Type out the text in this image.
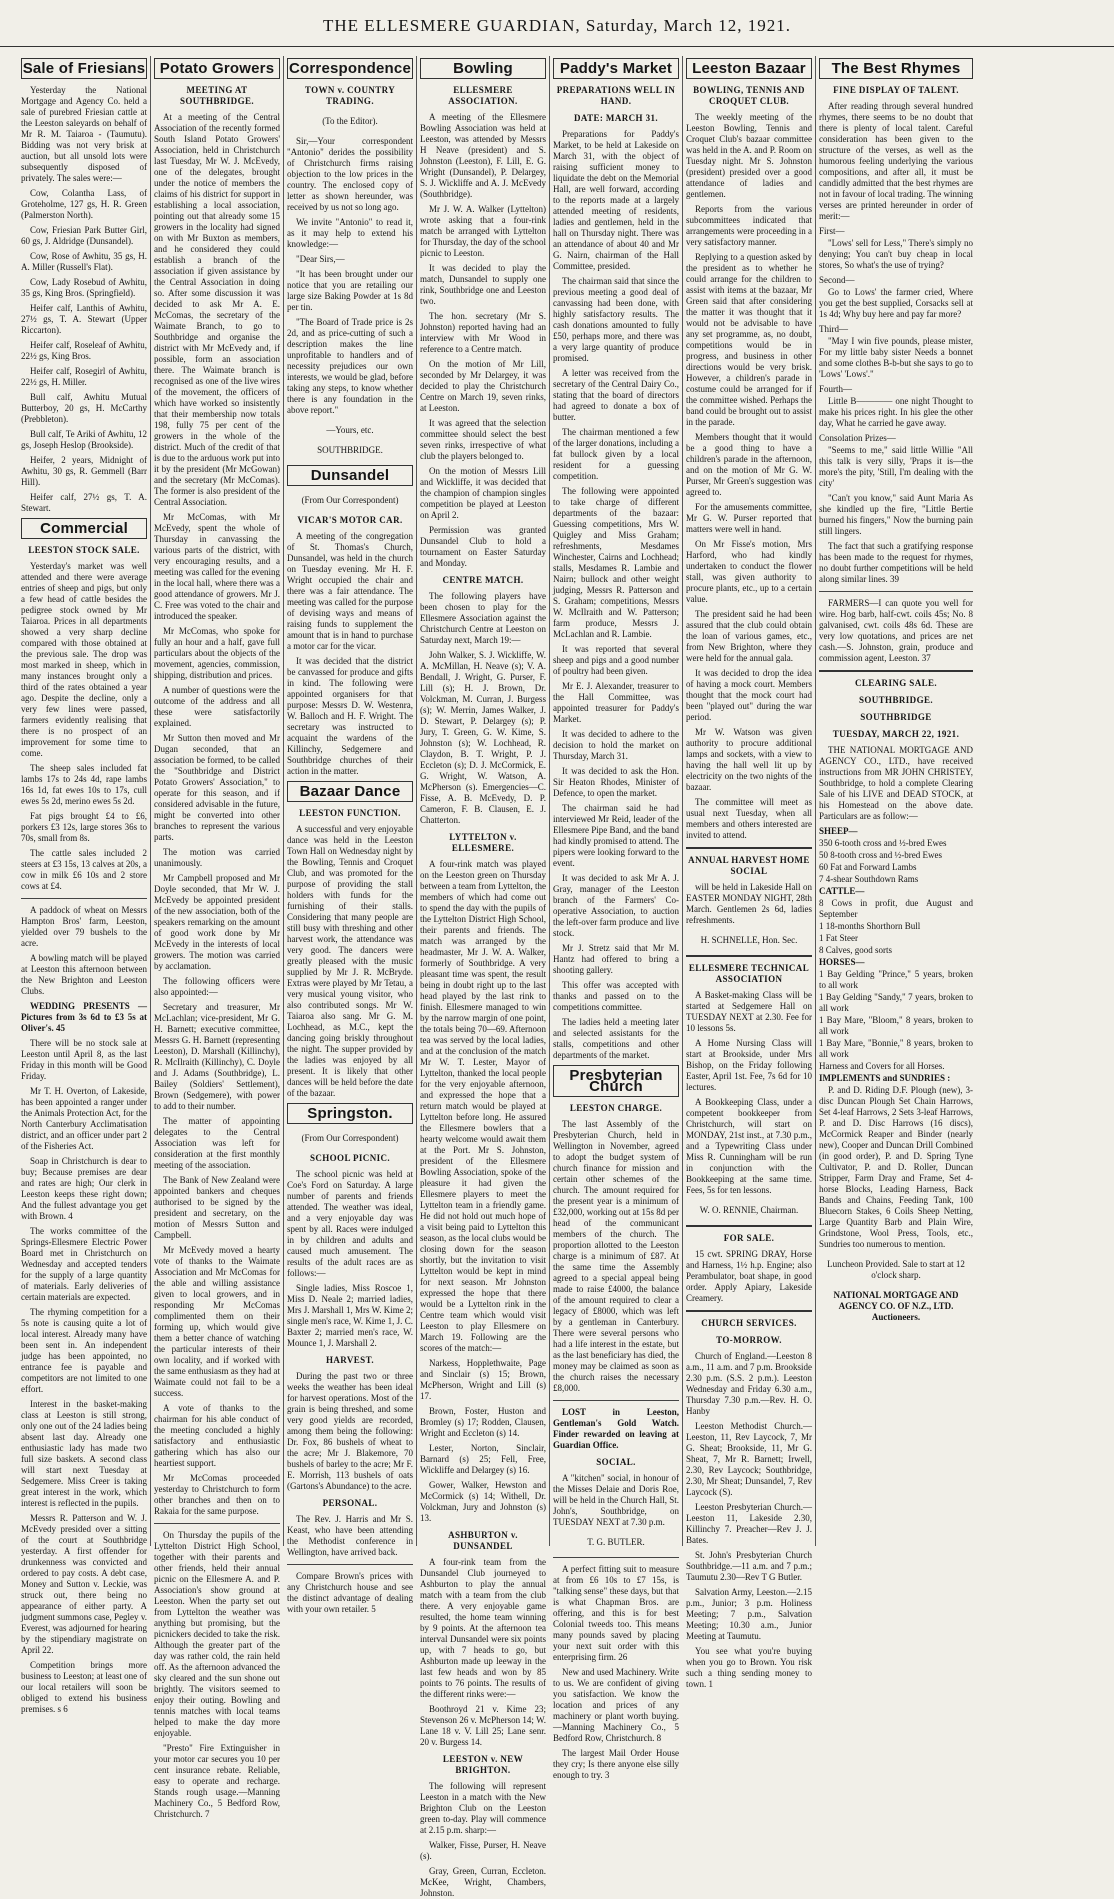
THE ELLESMERE GUARDIAN, Saturday, March 12, 1921.
Sale of Friesians

Yesterday the National Mortgage and Agency Co. held a sale of purebred Friesian cattle at the Leeston saleyards on behalf of Mr R. M. Taiaroa - (Taumutu). Bidding was not very brisk at auction, but all unsold lots were subsequently disposed of privately. The sales were:—

Cow, Colantha Lass, of Groteholme, 127 gs, H. R. Green (Palmerston North).

Cow, Friesian Park Butter Girl, 60 gs, J. Aldridge (Dunsandel).

Cow, Rose of Awhitu, 35 gs, H. A. Miller (Russell's Flat).

Cow, Lady Rosebud of Awhitu, 35 gs, King Bros. (Springfield).

Heifer calf, Lanthis of Awhitu, 27½ gs, T. A. Stewart (Upper Riccarton).

Heifer calf, Roseleaf of Awhitu, 22½ gs, King Bros.

Heifer calf, Rosegirl of Awhitu, 22½ gs, H. Miller.

Bull calf, Awhitu Mutual Butterboy, 20 gs, H. McCarthy (Prebbleton).

Bull calf, Te Ariki of Awhitu, 12 gs, Joseph Heslop (Brookside).

Heifer, 2 years, Midnight of Awhitu, 30 gs, R. Gemmell (Barr Hill).

Heifer calf, 27½ gs, T. A. Stewart.

Commercial
LEESTON STOCK SALE.

Yesterday's market was well attended and there were average entries of sheep and pigs, but only a few head of cattle besides the pedigree stock owned by Mr Taiaroa. Prices in all departments showed a very sharp decline compared with those obtained at the previous sale. The drop was most marked in sheep, which in many instances brought only a third of the rates obtained a year ago. Despite the decline, only a very few lines were passed, farmers evidently realising that there is no prospect of an improvement for some time to come.

The sheep sales included fat lambs 17s to 24s 4d, rape lambs 16s 1d, fat ewes 10s to 17s, cull ewes 5s 2d, merino ewes 5s 2d.

Fat pigs brought £4 to £6, porkers £3 12s, large stores 36s to 70s, small from 8s.

The cattle sales included 2 steers at £3 15s, 13 calves at 20s, a cow in milk £6 10s and 2 store cows at £4.

A paddock of wheat on Messrs Hampton Bros' farm, Leeston, yielded over 79 bushels to the acre.

A bowling match will be played at Leeston this afternoon between the New Brighton and Leeston Clubs.

WEDDING PRESENTS —Pictures from 3s 6d to £3 5s at Oliver's. 45

There will be no stock sale at Leeston until April 8, as the last Friday in this month will be Good Friday.

Mr T. H. Overton, of Lakeside, has been appointed a ranger under the Animals Protection Act, for the North Canterbury Acclimatisation district, and an officer under part 2 of the Fisheries Act.

Soap in Christchurch is dear to buy; Because premises are dear and rates are high; Our clerk in Leeston keeps these right down; And the fullest advantage you get with Brown. 4

The works committee of the Springs-Ellesmere Electric Power Board met in Christchurch on Wednesday and accepted tenders for the supply of a large quantity of materials. Early deliveries of certain materials are expected.

The rhyming competition for a 5s note is causing quite a lot of local interest. Already many have been sent in. An independent judge has been appointed, no entrance fee is payable and competitors are not limited to one effort.

Interest in the basket-making class at Leeston is still strong, only one out of the 24 ladies being absent last day. Already one enthusiastic lady has made two full size baskets. A second class will start next Tuesday at Sedgemere. Miss Creer is taking great interest in the work, which interest is reflected in the pupils.

Messrs R. Patterson and W. J. McEvedy presided over a sitting of the court at Southbridge yesterday. A first offender for drunkenness was convicted and ordered to pay costs. A debt case, Money and Sutton v. Leckie, was struck out, there being no appearance of either party. A judgment summons case, Pegley v. Everest, was adjourned for hearing by the stipendiary magistrate on April 22.

Competition brings more business to Leeston; at least one of our local retailers will soon be obliged to extend his business premises. s 6

Potato Growers
MEETING AT SOUTHBRIDGE.

At a meeting of the Central Association of the recently formed South Island Potato Growers' Association, held in Christchurch last Tuesday, Mr W. J. McEvedy, one of the delegates, brought under the notice of members the claims of his district for support in establishing a local association, pointing out that already some 15 growers in the locality had signed on with Mr Buxton as members, and he considered they could establish a branch of the association if given assistance by the Central Association in doing so. After some discussion it was decided to ask Mr A. E. McComas, the secretary of the Waimate Branch, to go to Southbridge and organise the district with Mr McEvedy and, if possible, form an association there. The Waimate branch is recognised as one of the live wires of the movement, the officers of which have worked so insistently that their membership now totals 198, fully 75 per cent of the growers in the whole of the district. Much of the credit of that is due to the arduous work put into it by the president (Mr McGowan) and the secretary (Mr McComas). The former is also president of the Central Association.

Mr McComas, with Mr McEvedy, spent the whole of Thursday in canvassing the various parts of the district, with very encouraging results, and a meeting was called for the evening in the local hall, where there was a good attendance of growers. Mr J. C. Free was voted to the chair and introduced the speaker.

Mr McComas, who spoke for fully an hour and a half, gave full particulars about the objects of the movement, agencies, commission, shipping, distribution and prices.

A number of questions were the outcome of the address and all these were satisfactorily explained.

Mr Sutton then moved and Mr Dugan seconded, that an association be formed, to be called the "Southbridge and District Potato Growers' Association," to operate for this season, and if considered advisable in the future, might be converted into other branches to represent the various parts.

The motion was carried unanimously.

Mr Campbell proposed and Mr Doyle seconded, that Mr W. J. McEvedy be appointed president of the new association, both of the speakers remarking on the amount of good work done by Mr McEvedy in the interests of local growers. The motion was carried by acclamation.

The following officers were also appointed:—

Secretary and treasurer, Mr McLachlan; vice-president, Mr G. H. Barnett; executive committee, Messrs G. H. Barnett (representing Leeston), D. Marshall (Killinchy), R. McIlraith (Killinchy), C. Doyle and J. Adams (Southbridge), L. Bailey (Soldiers' Settlement), Brown (Sedgemere), with power to add to their number.

The matter of appointing delegates to the Central Association was left for consideration at the first monthly meeting of the association.

The Bank of New Zealand were appointed bankers and cheques authorised to be signed by the president and secretary, on the motion of Messrs Sutton and Campbell.

Mr McEvedy moved a hearty vote of thanks to the Waimate Association and Mr McComas for the able and willing assistance given to local growers, and in responding Mr McComas complimented them on their forming up, which would give them a better chance of watching the particular interests of their own locality, and if worked with the same enthusiasm as they had at Waimate could not fail to be a success.

A vote of thanks to the chairman for his able conduct of the meeting concluded a highly satisfactory and enthusiastic gathering which has also our heartiest support.

Mr McComas proceeded yesterday to Christchurch to form other branches and then on to Rakaia for the same purpose.

On Thursday the pupils of the Lyttelton District High School, together with their parents and other friends, held their annual picnic on the Ellesmere A. and P. Association's show ground at Leeston. When the party set out from Lyttelton the weather was anything but promising, but the picnickers decided to take the risk. Although the greater part of the day was rather cold, the rain held off. As the afternoon advanced the sky cleared and the sun shone out brightly. The visitors seemed to enjoy their outing. Bowling and tennis matches with local teams helped to make the day more enjoyable.

"Presto" Fire Extinguisher in your motor car secures you 10 per cent insurance rebate. Reliable, easy to operate and recharge. Stands rough usage.—Manning Machinery Co., 5 Bedford Row, Christchurch. 7

Correspondence
TOWN v. COUNTRY TRADING.

(To the Editor).

Sir,—Your correspondent "Antonio" derides the possibility of Christchurch firms raising objection to the low prices in the country. The enclosed copy of letter as shown hereunder, was received by us not so long ago.

We invite "Antonio" to read it, as it may help to extend his knowledge:—

"Dear Sirs,—

"It has been brought under our notice that you are retailing our large size Baking Powder at 1s 8d per tin.

"The Board of Trade price is 2s 2d, and as price-cutting of such a description makes the line unprofitable to handlers and of necessity prejudices our own interests, we would be glad, before taking any steps, to know whether there is any foundation in the above report."

—Yours, etc.

SOUTHBRIDGE.

Dunsandel

(From Our Correspondent)

VICAR'S MOTOR CAR.

A meeting of the congregation of St. Thomas's Church, Dunsandel, was held in the church on Tuesday evening. Mr H. F. Wright occupied the chair and there was a fair attendance. The meeting was called for the purpose of devising ways and means of raising funds to supplement the amount that is in hand to purchase a motor car for the vicar.

It was decided that the district be canvassed for produce and gifts in kind. The following were appointed organisers for that purpose: Messrs D. W. Westenra, W. Balloch and H. F. Wright. The secretary was instructed to acquaint the wardens of the Killinchy, Sedgemere and Southbridge churches of their action in the matter.

Bazaar Dance
LEESTON FUNCTION.

A successful and very enjoyable dance was held in the Leeston Town Hall on Wednesday night by the Bowling, Tennis and Croquet Club, and was promoted for the purpose of providing the stall holders with funds for the furnishing of their stalls. Considering that many people are still busy with threshing and other harvest work, the attendance was very good. The dancers were greatly pleased with the music supplied by Mr J. R. McBryde. Extras were played by Mr Tetau, a very musical young visitor, who also contributed songs. Mr W. Taiaroa also sang. Mr G. M. Lochhead, as M.C., kept the dancing going briskly throughout the night. The supper provided by the ladies was enjoyed by all present. It is likely that other dances will be held before the date of the bazaar.

Springston.

(From Our Correspondent)

SCHOOL PICNIC.

The school picnic was held at Coe's Ford on Saturday. A large number of parents and friends attended. The weather was ideal, and a very enjoyable day was spent by all. Races were indulged in by children and adults and caused much amusement. The results of the adult races are as follows:—

Single ladies, Miss Roscoe 1, Miss D. Neale 2; married ladies, Mrs J. Marshall 1, Mrs W. Kime 2; single men's race, W. Kime 1, J. C. Baxter 2; married men's race, W. Mounce 1, J. Marshall 2.

HARVEST.

During the past two or three weeks the weather has been ideal for harvest operations. Most of the grain is being threshed, and some very good yields are recorded, among them being the following: Dr. Fox, 86 bushels of wheat to the acre; Mr J. Blakemore, 70 bushels of barley to the acre; Mr F. E. Morrish, 113 bushels of oats (Gartons's Abundance) to the acre.

PERSONAL.

The Rev. J. Harris and Mr S. Keast, who have been attending the Methodist conference in Wellington, have arrived back.

Compare Brown's prices with any Christchurch house and see the distinct advantage of dealing with your own retailer. 5

Bowling
ELLESMERE ASSOCIATION.

A meeting of the Ellesmere Bowling Association was held at Leeston, was attended by Messrs H Neave (president) and S. Johnston (Leeston), F. Lill, E. G. Wright (Dunsandel), P. Delargey, S. J. Wickliffe and A. J. McEvedy (Southbridge).

Mr J. W. A. Walker (Lyttelton) wrote asking that a four-rink match be arranged with Lyttelton for Thursday, the day of the school picnic to Leeston.

It was decided to play the match, Dunsandel to supply one rink, Southbridge one and Leeston two.

The hon. secretary (Mr S. Johnston) reported having had an interview with Mr Wood in reference to a Centre match.

On the motion of Mr Lill, seconded by Mr Delargey, it was decided to play the Christchurch Centre on March 19, seven rinks, at Leeston.

It was agreed that the selection committee should select the best seven rinks, irrespective of what club the players belonged to.

On the motion of Messrs Lill and Wickliffe, it was decided that the champion of champion singles competition be played at Leeston on April 2.

Permission was granted Dunsandel Club to hold a tournament on Easter Saturday and Monday.

CENTRE MATCH.

The following players have been chosen to play for the Ellesmere Association against the Christchurch Centre at Leeston on Saturday next, March 19:—

John Walker, S. J. Wickliffe, W. A. McMillan, H. Neave (s); V. A. Bendall, J. Wright, G. Purser, F. Lill (s); H. J. Brown, Dr. Volckman, M. Curran, J. Burgess (s); W. Merrin, James Walker, J. D. Stewart, P. Delargey (s); P. Jury, T. Green, G. W. Kime, S. Johnston (s); W. Lochhead, R. Claydon, B. T. Wright, P. J. Eccleton (s); D. J. McCormick, E. G. Wright, W. Watson, A. McPherson (s). Emergencies—C. Fisse, A. B. McEvedy, D. P. Cameron, F. B. Clausen, E. J. Chatterton.

LYTTELTON v. ELLESMERE.

A four-rink match was played on the Leeston green on Thursday between a team from Lyttelton, the members of which had come out to spend the day with the pupils of the Lyttelton District High School, their parents and friends. The match was arranged by the headmaster, Mr J. W. A. Walker, formerly of Southbridge. A very pleasant time was spent, the result being in doubt right up to the last head played by the last rink to finish. Ellesmere managed to win by the narrow margin of one point, the totals being 70—69. Afternoon tea was served by the local ladies, and at the conclusion of the match Mr W. T. Lester, Mayor of Lyttelton, thanked the local people for the very enjoyable afternoon, and expressed the hope that a return match would be played at Lyttelton before long. He assured the Ellesmere bowlers that a hearty welcome would await them at the Port. Mr S. Johnston, president of the Ellesmere Bowling Association, spoke of the pleasure it had given the Ellesmere players to meet the Lyttelton team in a friendly game. He did not hold out much hope of a visit being paid to Lyttelton this season, as the local clubs would be closing down for the season shortly, but the invitation to visit Lyttelton would be kept in mind for next season. Mr Johnston expressed the hope that there would be a Lyttelton rink in the Centre team which would visit Leeston to play Ellesmere on March 19. Following are the scores of the match:—

Narkess, Hopplethwaite, Page and Sinclair (s) 15; Brown, McPherson, Wright and Lill (s) 17.

Brown, Foster, Huston and Bromley (s) 17; Rodden, Clausen, Wright and Eccleton (s) 14.

Lester, Norton, Sinclair, Barnard (s) 25; Fell, Free, Wickliffe and Delargey (s) 16.

Gower, Walker, Hewston and McCormick (s) 14; Withell, Dr. Volckman, Jury and Johnston (s) 13.

ASHBURTON v. DUNSANDEL

A four-rink team from the Dunsandel Club journeyed to Ashburton to play the annual match with a team from the club there. A very enjoyable game resulted, the home team winning by 9 points. At the afternoon tea interval Dunsandel were six points up, with 7 heads to go, but Ashburton made up leeway in the last few heads and won by 85 points to 76 points. The results of the different rinks were:—

Boothroyd 21 v. Kime 23; Stevenson 26 v. McPherson 14; W. Lane 18 v. V. Lill 25; Lane senr. 20 v. Burgess 14.

LEESTON v. NEW BRIGHTON.

The following will represent Leeston in a match with the New Brighton Club on the Leeston green to-day. Play will commence at 2.15 p.m. sharp:—

Walker, Fisse, Purser, H. Neave (s).

Gray, Green, Curran, Eccleton. McKee, Wright, Chambers, Johnston.

Paddy's Market
PREPARATIONS WELL IN HAND.
DATE: MARCH 31.

Preparations for Paddy's Market, to be held at Lakeside on March 31, with the object of raising sufficient money to liquidate the debt on the Memorial Hall, are well forward, according to the reports made at a largely attended meeting of residents, ladies and gentlemen, held in the hall on Thursday night. There was an attendance of about 40 and Mr G. Nairn, chairman of the Hall Committee, presided.

The chairman said that since the previous meeting a good deal of canvassing had been done, with highly satisfactory results. The cash donations amounted to fully £50, perhaps more, and there was a very large quantity of produce promised.

A letter was received from the secretary of the Central Dairy Co., stating that the board of directors had agreed to donate a box of butter.

The chairman mentioned a few of the larger donations, including a fat bullock given by a local resident for a guessing competition.

The following were appointed to take charge of different departments of the bazaar: Guessing competitions, Mrs W. Quigley and Miss Graham; refreshments, Mesdames Winchester, Cairns and Lochhead; stalls, Mesdames R. Lambie and Nairn; bullock and other weight judging, Messrs R. Patterson and S. Graham; competitions, Messrs W. McIlraith and W. Patterson; farm produce, Messrs J. McLachlan and R. Lambie.

It was reported that several sheep and pigs and a good number of poultry had been given.

Mr E. J. Alexander, treasurer to the Hall Committee, was appointed treasurer for Paddy's Market.

It was decided to adhere to the decision to hold the market on Thursday, March 31.

It was decided to ask the Hon. Sir Heaton Rhodes, Minister of Defence, to open the market.

The chairman said he had interviewed Mr Reid, leader of the Ellesmere Pipe Band, and the band had kindly promised to attend. The pipers were looking forward to the event.

It was decided to ask Mr A. J. Gray, manager of the Leeston branch of the Farmers' Co-operative Association, to auction the left-over farm produce and live stock.

Mr J. Stretz said that Mr M. Hantz had offered to bring a shooting gallery.

This offer was accepted with thanks and passed on to the competitions committee.

The ladies held a meeting later and selected assistants for the stalls, competitions and other departments of the market.

Presbyterian Church
LEESTON CHARGE.

The last Assembly of the Presbyterian Church, held in Wellington in November, agreed to adopt the budget system of church finance for mission and certain other schemes of the church. The amount required for the present year is a minimum of £32,000, working out at 15s 8d per head of the communicant members of the church. The proportion allotted to the Leeston charge is a minimum of £87. At the same time the Assembly agreed to a special appeal being made to raise £4000, the balance of the amount required to clear a legacy of £8000, which was left by a gentleman in Canterbury. There were several persons who had a life interest in the estate, but as the last beneficiary has died, the money may be claimed as soon as the church raises the necessary £8,000.

LOST in Leeston, Gentleman's Gold Watch. Finder rewarded on leaving at Guardian Office.

SOCIAL.

A "kitchen" social, in honour of the Misses Delaie and Doris Roe, will be held in the Church Hall, St. John's, Southbridge, on TUESDAY NEXT at 7.30 p.m.

T. G. BUTLER.

A perfect fitting suit to measure at from £6 10s to £7 15s, is "talking sense" these days, but that is what Chapman Bros. are offering, and this is for best Colonial tweeds too. This means many pounds saved by placing your next suit order with this enterprising firm. 26

New and used Machinery. Write to us. We are confident of giving you satisfaction. We know the location and prices of any machinery or plant worth buying.—Manning Machinery Co., 5 Bedford Row, Christchurch. 8

The largest Mail Order House they cry; Is there anyone else silly enough to try. 3

Leeston Bazaar
BOWLING, TENNIS AND CROQUET CLUB.

The weekly meeting of the Leeston Bowling, Tennis and Croquet Club's bazaar committee was held in the A. and P. Room on Tuesday night. Mr S. Johnston (president) presided over a good attendance of ladies and gentlemen.

Reports from the various subcommittees indicated that arrangements were proceeding in a very satisfactory manner.

Replying to a question asked by the president as to whether he could arrange for the children to assist with items at the bazaar, Mr Green said that after considering the matter it was thought that it would not be advisable to have any set programme, as, no doubt, competitions would be in progress, and business in other directions would be very brisk. However, a children's parade in costume could be arranged for if the committee wished. Perhaps the band could be brought out to assist in the parade.

Members thought that it would be a good thing to have a children's parade in the afternoon, and on the motion of Mr G. W. Purser, Mr Green's suggestion was agreed to.

For the amusements committee, Mr G. W. Purser reported that matters were well in hand.

On Mr Fisse's motion, Mrs Harford, who had kindly undertaken to conduct the flower stall, was given authority to procure plants, etc., up to a certain value.

The president said he had been assured that the club could obtain the loan of various games, etc., from New Brighton, where they were held for the annual gala.

It was decided to drop the idea of having a mock court. Members thought that the mock court had been "played out" during the war period.

Mr W. Watson was given authority to procure additional lamps and sockets, with a view to having the hall well lit up by electricity on the two nights of the bazaar.

The committee will meet as usual next Tuesday, when all members and others interested are invited to attend.

ANNUAL HARVEST HOME SOCIAL

will be held in Lakeside Hall on EASTER MONDAY NIGHT, 28th March. Gentlemen 2s 6d, ladies refreshments.

H. SCHNELLE, Hon. Sec.

ELLESMERE TECHNICAL ASSOCIATION

A Basket-making Class will be started at Sedgemere Hall on TUESDAY NEXT at 2.30. Fee for 10 lessons 5s.

A Home Nursing Class will start at Brookside, under Mrs Bishop, on the Friday following Easter, April 1st. Fee, 7s 6d for 10 lectures.

A Bookkeeping Class, under a competent bookkeeper from Christchurch, will start on MONDAY, 21st inst., at 7.30 p.m., and a Typewriting Class under Miss R. Cunningham will be run in conjunction with the Bookkeeping at the same time. Fees, 5s for ten lessons.

W. O. RENNIE, Chairman.

FOR SALE.

15 cwt. SPRING DRAY, Horse and Harness, 1½ h.p. Engine; also Perambulator, boat shape, in good order. Apply Apiary, Lakeside Creamery.

CHURCH SERVICES.
TO-MORROW.

Church of England.—Leeston 8 a.m., 11 a.m. and 7 p.m. Brookside 2.30 p.m. (S.S. 2 p.m.). Leeston Wednesday and Friday 6.30 a.m., Thursday 7.30 p.m.—Rev. H. O. Hanby

Leeston Methodist Church.—Leeston, 11, Rev Laycock, 7, Mr G. Sheat; Brookside, 11, Mr G. Sheat, 7, Mr R. Barnett; Irwell, 2.30, Rev Laycock; Southbridge, 2.30, Mr Sheat; Dunsandel, 7, Rev Laycock (S).

Leeston Presbyterian Church.—Leeston 11, Lakeside 2.30, Killinchy 7. Preacher—Rev J. J. Bates.

St. John's Presbyterian Church Southbridge.—11 a.m. and 7 p.m.; Taumutu 2.30—Rev T G Butler.

Salvation Army, Leeston.—2.15 p.m., Junior; 3 p.m. Holiness Meeting; 7 p.m., Salvation Meeting; 10.30 a.m., Junior Meeting at Taumutu.

You see what you're buying when you go to Brown. You risk such a thing sending money to town. 1

The Best Rhymes
FINE DISPLAY OF TALENT.

After reading through several hundred rhymes, there seems to be no doubt that there is plenty of local talent. Careful consideration has been given to the structure of the verses, as well as the humorous feeling underlying the various compositions, and after all, it must be candidly admitted that the best rhymes are not in favour of local trading. The winning verses are printed hereunder in order of merit:—

First—

"Lows' sell for Less," There's simply no denying; You can't buy cheap in local stores, So what's the use of trying?

Second—

Go to Lows' the farmer cried, Where you get the best supplied, Corsacks sell at 1s 4d; Why buy here and pay far more?

Third—

"May I win five pounds, please mister, For my little baby sister Needs a bonnet and some clothes B-b-but she says to go to 'Lows' 'Lows'."

Fourth—

Little B———— one night Thought to make his prices right. In his glee the other day, What he carried he gave away.

Consolation Prizes—

"Seems to me," said little Willie "All this talk is very silly, 'Praps it is—the more's the pity, 'Still, I'm dealing with the city'

"Can't you know," said Aunt Maria As she kindled up the fire, "Little Bertie burned his fingers," Now the burning pain still lingers.

The fact that such a gratifying response has been made to the request for rhymes, no doubt further competitions will be held along similar lines. 39

FARMERS—I can quote you well for wire. Hog barb, half-cwt. coils 45s; No. 8 galvanised, cwt. coils 48s 6d. These are very low quotations, and prices are net cash.—S. Johnston, grain, produce and commission agent, Leeston. 37

CLEARING SALE.
SOUTHBRIDGE.
SOUTHBRIDGE
TUESDAY, MARCH 22, 1921.

THE NATIONAL MORTGAGE AND AGENCY CO., LTD., have received instructions from MR JOHN CHRISTEY, Southbridge, to hold a complete Clearing Sale of his LIVE and DEAD STOCK, at his Homestead on the above date. Particulars are as follow:—

SHEEP—

350 6-tooth cross and ½-bred Ewes

50 8-tooth cross and ½-bred Ewes

60 Fat and Forward Lambs

7 4-shear Southdown Rams

CATTLE—

8 Cows in profit, due August and September

1 18-months Shorthorn Bull

1 Fat Steer

8 Calves, good sorts

HORSES—

1 Bay Gelding "Prince," 5 years, broken to all work

1 Bay Gelding "Sandy," 7 years, broken to all work

1 Bay Mare, "Bloom," 8 years, broken to all work

1 Bay Mare, "Bonnie," 8 years, broken to all work

Harness and Covers for all Horses.

IMPLEMENTS and SUNDRIES :

P. and D. Riding D.F. Plough (new), 3-disc Duncan Plough Set Chain Harrows, Set 4-leaf Harrows, 2 Sets 3-leaf Harrows, P. and D. Disc Harrows (16 discs), McCormick Reaper and Binder (nearly new), Cooper and Duncan Drill Combined (in good order), P. and D. Spring Tyne Cultivator, P. and D. Roller, Duncan Stripper, Farm Dray and Frame, Set 4-horse Blocks, Leading Harness, Back Bands and Chains, Feeding Tank, 100 Bluecorn Stakes, 6 Coils Sheep Netting, Large Quantity Barb and Plain Wire, Grindstone, Wool Press, Tools, etc., Sundries too numerous to mention.

Luncheon Provided. Sale to start at 12 o'clock sharp.

NATIONAL MORTGAGE AND AGENCY CO. OF N.Z., LTD. Auctioneers.
